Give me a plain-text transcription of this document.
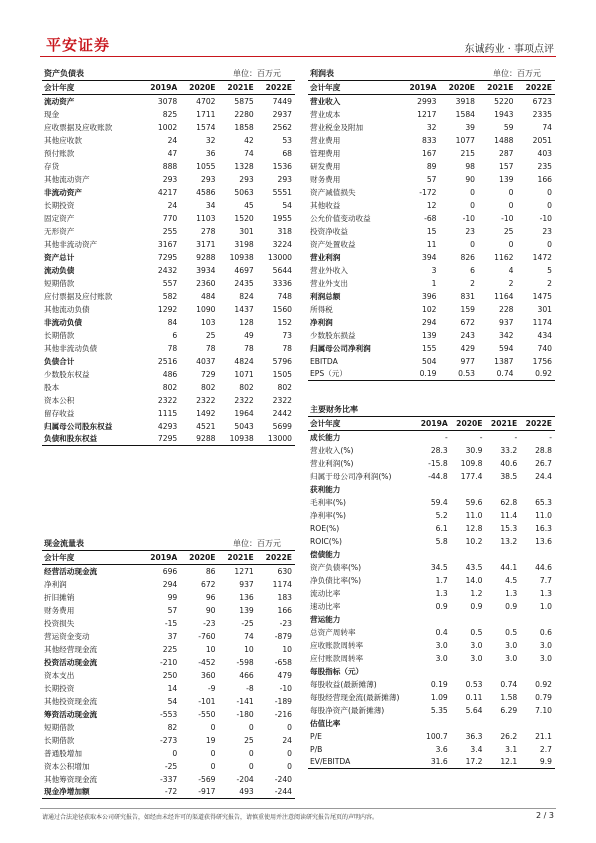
平安证券	东诚药业 · 事项点评
资产负债表	单位：百万元
会计年度	2019A	2020E	2021E	2022E
流动资产	3078	4702	5875	7449
现金	825	1711	2280	2937
应收票据及应收账款	1002	1574	1858	2562
其他应收款	24	32	42	53
预付账款	47	36	74	68
存货	888	1055	1328	1536
其他流动资产	293	293	293	293
非流动资产	4217	4586	5063	5551
长期投资	24	34	45	54
固定资产	770	1103	1520	1955
无形资产	255	278	301	318
其他非流动资产	3167	3171	3198	3224
资产总计	7295	9288	10938	13000
流动负债	2432	3934	4697	5644
短期借款	557	2360	2435	3336
应付票据及应付账款	582	484	824	748
其他流动负债	1292	1090	1437	1560
非流动负债	84	103	128	152
长期借款	6	25	49	73
其他非流动负债	78	78	78	78
负债合计	2516	4037	4824	5796
少数股东权益	486	729	1071	1505
股本	802	802	802	802
资本公积	2322	2322	2322	2322
留存收益	1115	1492	1964	2442
归属母公司股东权益	4293	4521	5043	5699
负债和股东权益	7295	9288	10938	13000
现金流量表	单位：百万元
会计年度	2019A	2020E	2021E	2022E
经营活动现金流	696	86	1271	630
净利润	294	672	937	1174
折旧摊销	99	96	136	183
财务费用	57	90	139	166
投资损失	-15	-23	-25	-23
营运资金变动	37	-760	74	-879
其他经营现金流	225	10	10	10
投资活动现金流	-210	-452	-598	-658
资本支出	250	360	466	479
长期投资	14	-9	-8	-10
其他投资现金流	54	-101	-141	-189
筹资活动现金流	-553	-550	-180	-216
短期借款	82	0	0	0
长期借款	-273	19	25	24
普通股增加	0	0	0	0
资本公积增加	-25	0	0	0
其他筹资现金流	-337	-569	-204	-240
现金净增加额	-72	-917	493	-244
利润表	单位：百万元
会计年度	2019A	2020E	2021E	2022E
营业收入	2993	3918	5220	6723
营业成本	1217	1584	1943	2335
营业税金及附加	32	39	59	74
营业费用	833	1077	1488	2051
管理费用	167	215	287	403
研发费用	89	98	157	235
财务费用	57	90	139	166
资产减值损失	-172	0	0	0
其他收益	12	0	0	0
公允价值变动收益	-68	-10	-10	-10
投资净收益	15	23	25	23
资产处置收益	11	0	0	0
营业利润	394	826	1162	1472
营业外收入	3	6	4	5
营业外支出	1	2	2	2
利润总额	396	831	1164	1475
所得税	102	159	228	301
净利润	294	672	937	1174
少数股东损益	139	243	342	434
归属母公司净利润	155	429	594	740
EBITDA	504	977	1387	1756
EPS（元）	0.19	0.53	0.74	0.92
主要财务比率
会计年度	2019A	2020E	2021E	2022E
成长能力	-	-	-	-
营业收入(%)	28.3	30.9	33.2	28.8
营业利润(%)	-15.8	109.8	40.6	26.7
归属于母公司净利润(%)	-44.8	177.4	38.5	24.4
获利能力				
毛利率(%)	59.4	59.6	62.8	65.3
净利率(%)	5.2	11.0	11.4	11.0
ROE(%)	6.1	12.8	15.3	16.3
ROIC(%)	5.8	10.2	13.2	13.6
偿债能力				
资产负债率(%)	34.5	43.5	44.1	44.6
净负债比率(%)	1.7	14.0	4.5	7.7
流动比率	1.3	1.2	1.3	1.3
速动比率	0.9	0.9	0.9	1.0
营运能力				
总资产周转率	0.4	0.5	0.5	0.6
应收账款周转率	3.0	3.0	3.0	3.0
应付账款周转率	3.0	3.0	3.0	3.0
每股指标（元）				
每股收益(最新摊薄)	0.19	0.53	0.74	0.92
每股经营现金流(最新摊薄)	1.09	0.11	1.58	0.79
每股净资产(最新摊薄)	5.35	5.64	6.29	7.10
估值比率				
P/E	100.7	36.3	26.2	21.1
P/B	3.6	3.4	3.1	2.7
EV/EBITDA	31.6	17.2	12.1	9.9
请通过合法途径获取本公司研究报告，如经由未经许可的渠道获得研究报告，请慎重使用并注意阅读研究报告尾页的声明内容。	2 / 3
